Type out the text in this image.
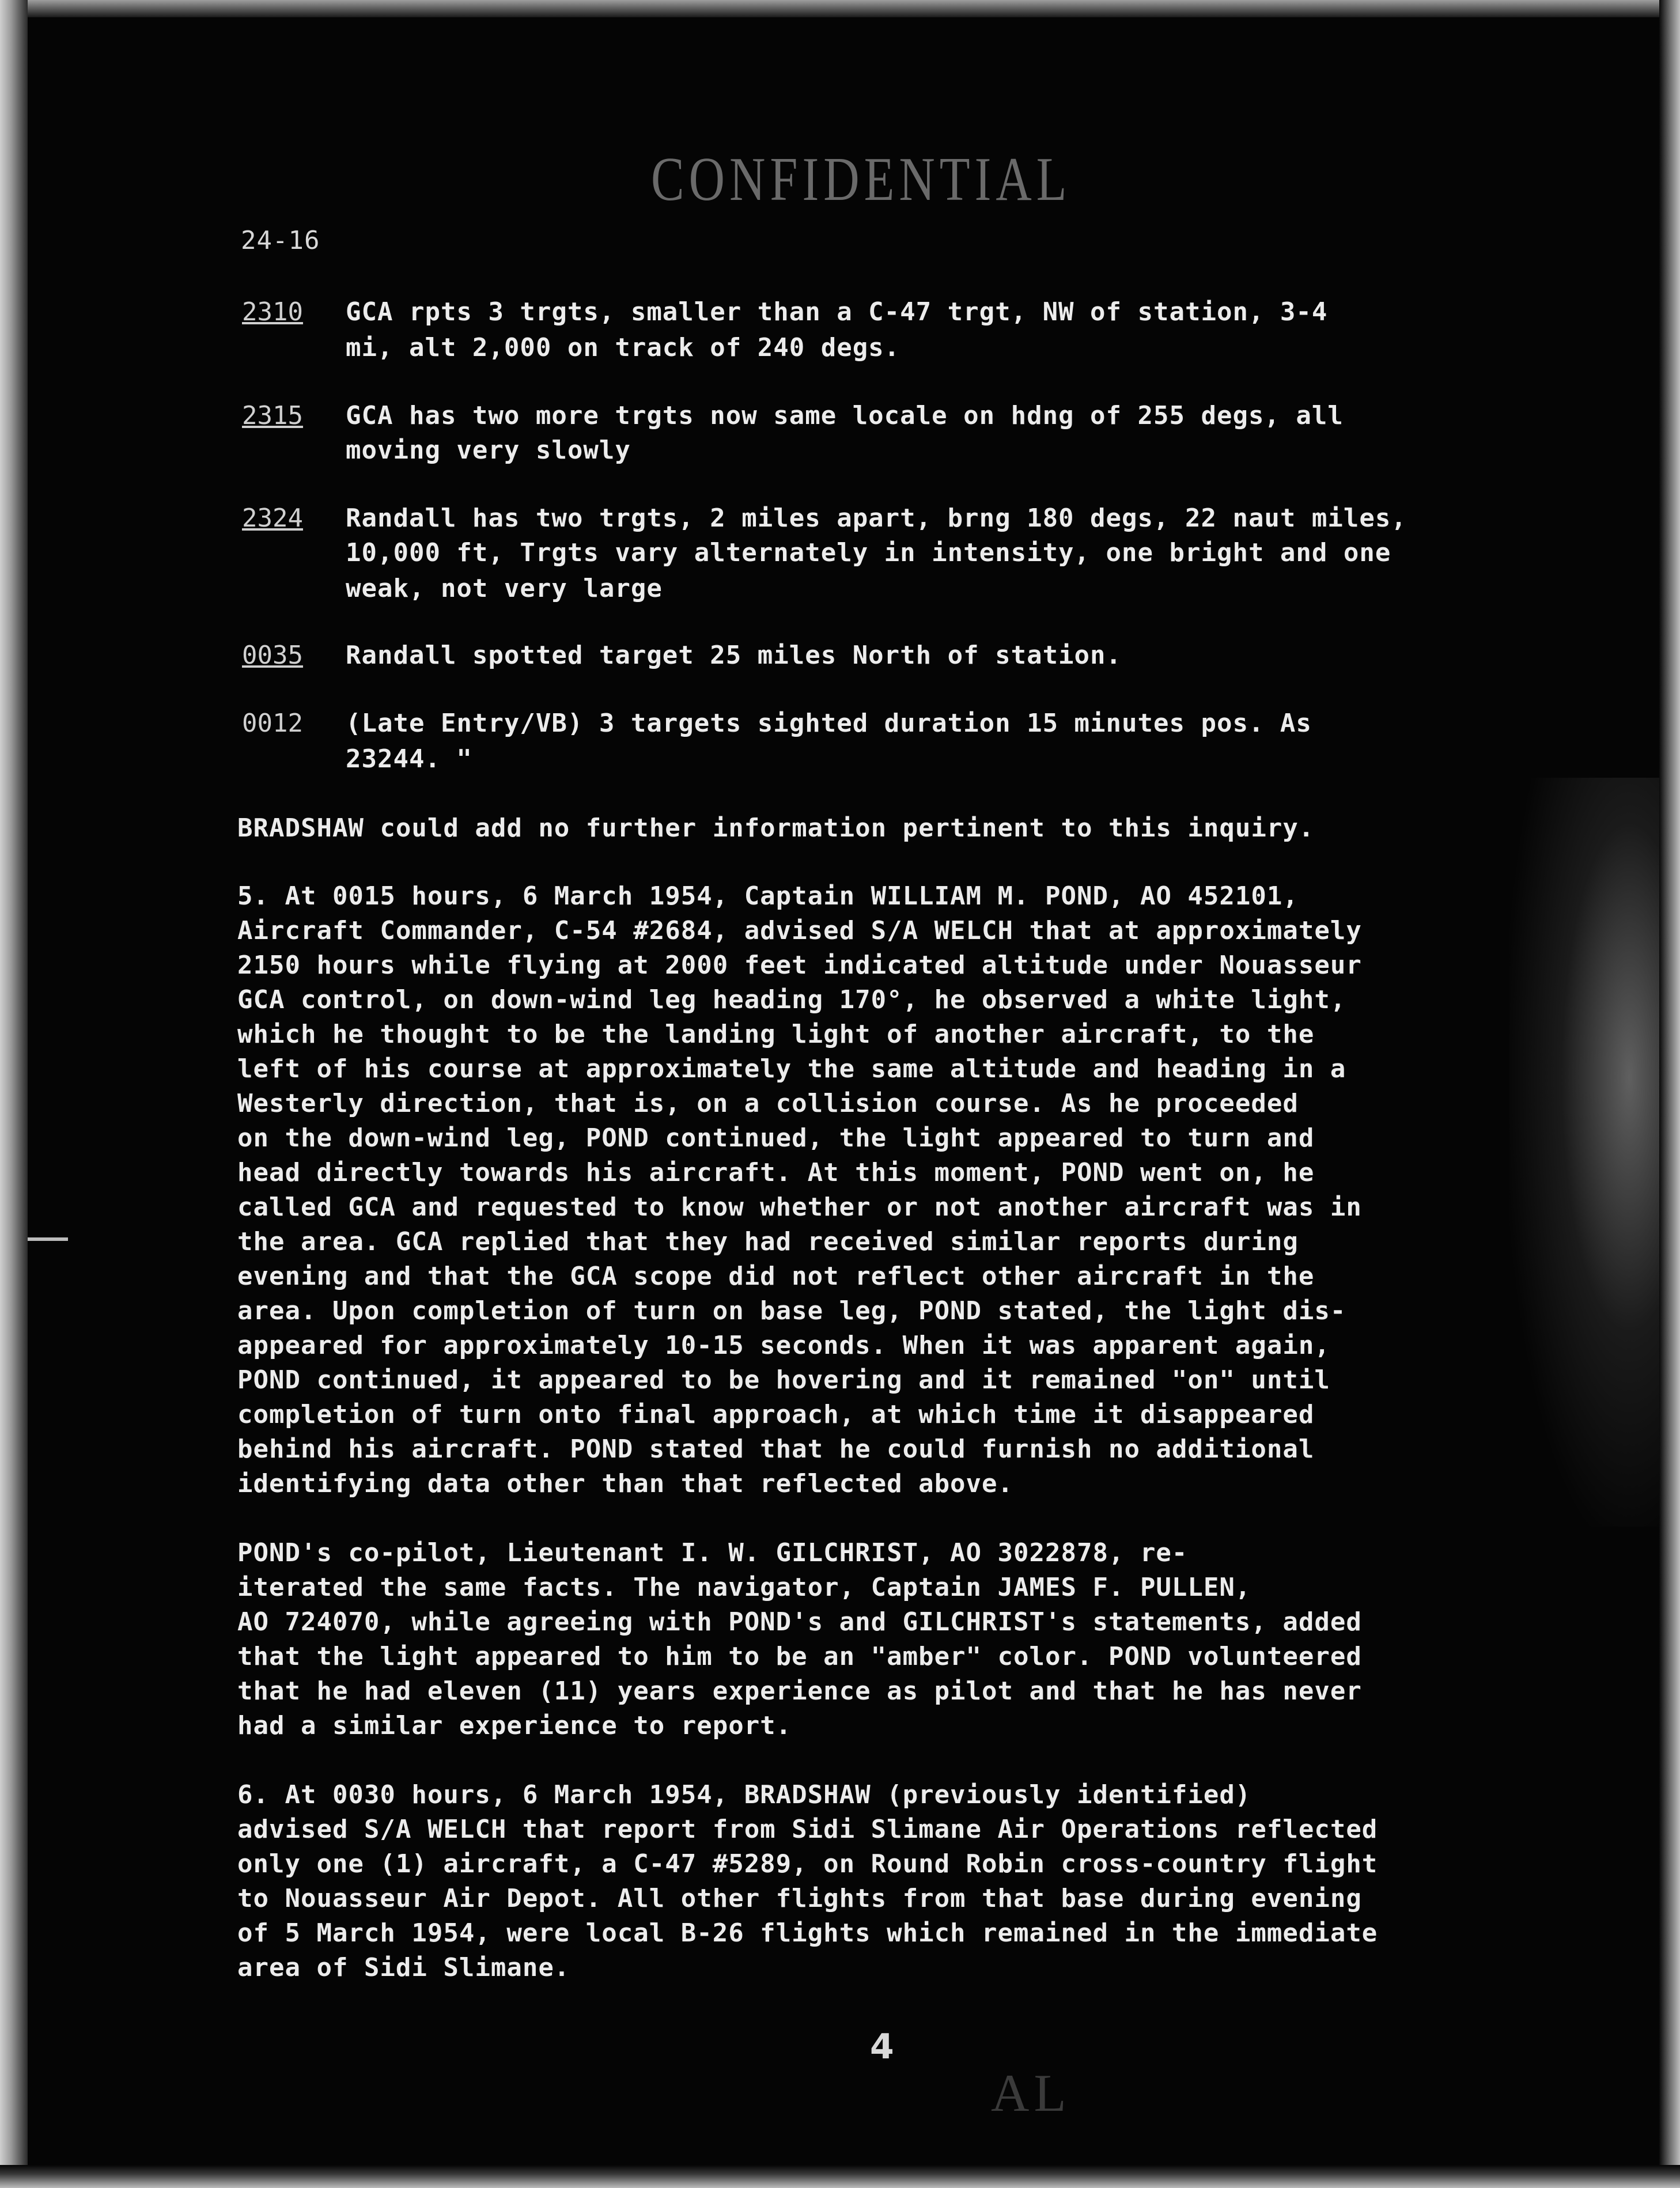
CONFIDENTIAL
24-16
2310 GCA rpts 3 trgts, smaller than a C-47 trgt, NW of station, 3-4
mi, alt 2,000 on track of 240 degs.
2315 GCA has two more trgts now same locale on hdng of 255 degs, all
moving very slowly
2324 Randall has two trgts, 2 miles apart, brng 180 degs, 22 naut miles,
10,000 ft, Trgts vary alternately in intensity, one bright and one
weak, not very large
0035 Randall spotted target 25 miles North of station.
0012 (Late Entry/VB) 3 targets sighted duration 15 minutes pos. As
23244. "
BRADSHAW could add no further information pertinent to this inquiry.
5. At 0015 hours, 6 March 1954, Captain WILLIAM M. POND, AO 452101,
Aircraft Commander, C-54 #2684, advised S/A WELCH that at approximately
2150 hours while flying at 2000 feet indicated altitude under Nouasseur
GCA control, on down-wind leg heading 170°, he observed a white light,
which he thought to be the landing light of another aircraft, to the
left of his course at approximately the same altitude and heading in a
Westerly direction, that is, on a collision course. As he proceeded
on the down-wind leg, POND continued, the light appeared to turn and
head directly towards his aircraft. At this moment, POND went on, he
called GCA and requested to know whether or not another aircraft was in
the area. GCA replied that they had received similar reports during
evening and that the GCA scope did not reflect other aircraft in the
area. Upon completion of turn on base leg, POND stated, the light dis-
appeared for approximately 10-15 seconds. When it was apparent again,
POND continued, it appeared to be hovering and it remained "on" until
completion of turn onto final approach, at which time it disappeared
behind his aircraft. POND stated that he could furnish no additional
identifying data other than that reflected above.
POND's co-pilot, Lieutenant I. W. GILCHRIST, AO 3022878, re-
iterated the same facts. The navigator, Captain JAMES F. PULLEN,
AO 724070, while agreeing with POND's and GILCHRIST's statements, added
that the light appeared to him to be an "amber" color. POND volunteered
that he had eleven (11) years experience as pilot and that he has never
had a similar experience to report.
6. At 0030 hours, 6 March 1954, BRADSHAW (previously identified)
advised S/A WELCH that report from Sidi Slimane Air Operations reflected
only one (1) aircraft, a C-47 #5289, on Round Robin cross-country flight
to Nouasseur Air Depot. All other flights from that base during evening
of 5 March 1954, were local B-26 flights which remained in the immediate
area of Sidi Slimane.
4
AL
